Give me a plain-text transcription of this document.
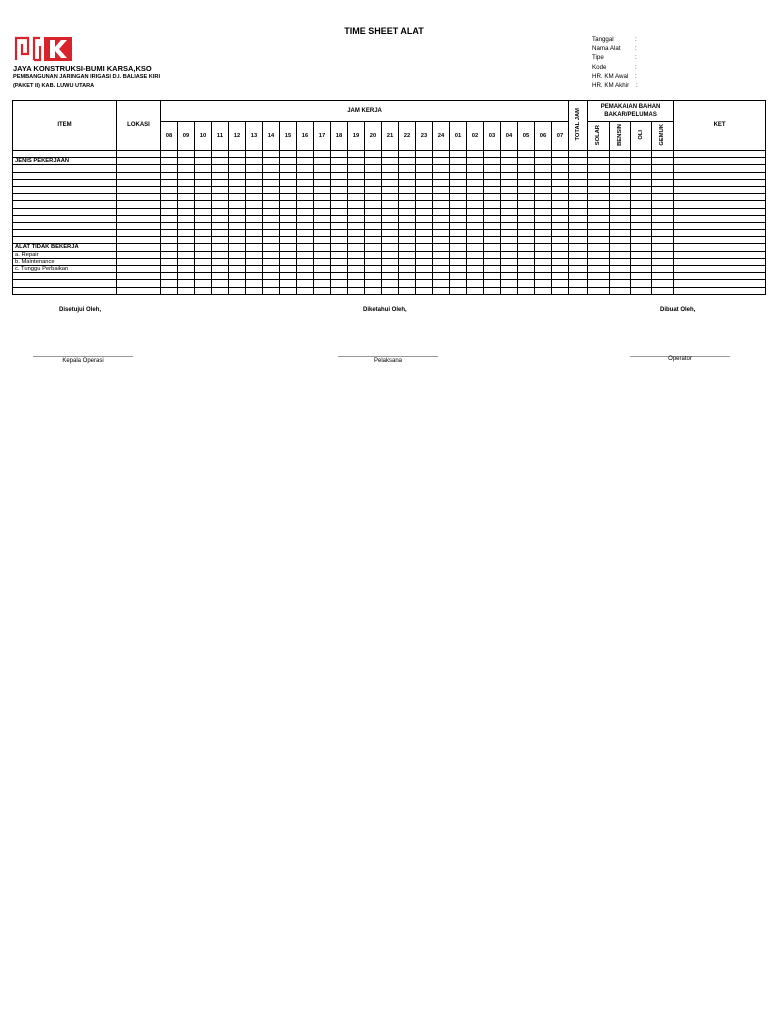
TIME SHEET ALAT
JAYA KONSTRUKSI-BUMI KARSA,KSO
PEMBANGUNAN JARINGAN IRIGASI D.I. BALIASE KIRI
(PAKET II) KAB. LUWU UTARA
Tanggal	:
Nama Alat :
Tipe	:
Kode	:
HR. KM Awal :
HR. KM Akhir :
ITEM	LOKASI	JAM KERJA																								TOTAL JAM	PEMAKAIAN BAHAN BAKAR/PELUMAS				KET
		08	09	10	11	12	13	14	15	16	17	18	19	20	21	22	23	24	01	02	03	04	05	06	07		SOLAR	BENSIN	OLI	GEMUK	

JENIS PEKERJAAN																															

ALAT TIDAK BEKERJA																															
a. Repair																															
b. Maintenance																															
c. Tunggu Perbaikan																															

Disetujui Oleh,
Kepala Operasi
Diketahui Oleh,
Pelaksana
Dibuat Oleh,
Operator
